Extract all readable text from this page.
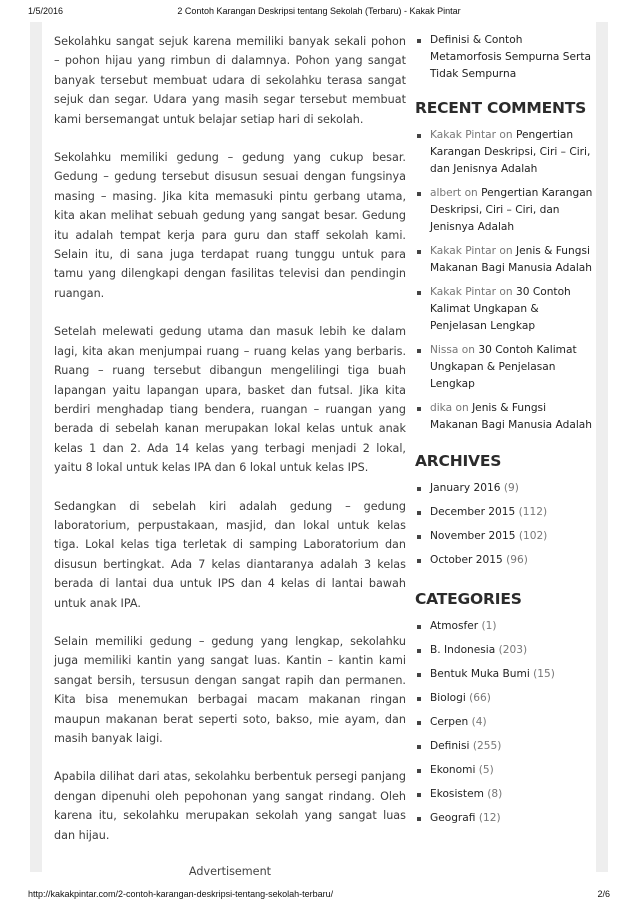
1/5/2016	2 Contoh Karangan Deskripsi tentang Sekolah (Terbaru) - Kakak Pintar

Sekolahku sangat sejuk karena memiliki banyak sekali pohon – pohon hijau yang rimbun di dalamnya. Pohon yang sangat banyak tersebut membuat udara di sekolahku terasa sangat sejuk dan segar. Udara yang masih segar tersebut membuat kami bersemangat untuk belajar setiap hari di sekolah.

Sekolahku memiliki gedung – gedung yang cukup besar. Gedung – gedung tersebut disusun sesuai dengan fungsinya masing – masing. Jika kita memasuki pintu gerbang utama, kita akan melihat sebuah gedung yang sangat besar. Gedung itu adalah tempat kerja para guru dan staff sekolah kami. Selain itu, di sana juga terdapat ruang tunggu untuk para tamu yang dilengkapi dengan fasilitas televisi dan pendingin ruangan.

Setelah melewati gedung utama dan masuk lebih ke dalam lagi, kita akan menjumpai ruang – ruang kelas yang berbaris. Ruang – ruang tersebut dibangun mengelilingi tiga buah lapangan yaitu lapangan upara, basket dan futsal. Jika kita berdiri menghadap tiang bendera, ruangan – ruangan yang berada di sebelah kanan merupakan lokal kelas untuk anak kelas 1 dan 2. Ada 14 kelas yang terbagi menjadi 2 lokal, yaitu 8 lokal untuk kelas IPA dan 6 lokal untuk kelas IPS.

Sedangkan di sebelah kiri adalah gedung – gedung laboratorium, perpustakaan, masjid, dan lokal untuk kelas tiga. Lokal kelas tiga terletak di samping Laboratorium dan disusun bertingkat. Ada 7 kelas diantaranya adalah 3 kelas berada di lantai dua untuk IPS dan 4 kelas di lantai bawah untuk anak IPA.

Selain memiliki gedung – gedung yang lengkap, sekolahku juga memiliki kantin yang sangat luas. Kantin – kantin kami sangat bersih, tersusun dengan sangat rapih dan permanen. Kita bisa menemukan berbagai macam makanan ringan maupun makanan berat seperti soto, bakso, mie ayam, dan masih banyak laigi.

Apabila dilihat dari atas, sekolahku berbentuk persegi panjang dengan dipenuhi oleh pepohonan yang sangat rindang. Oleh karena itu, sekolahku merupakan sekolah yang sangat luas dan hijau.

Advertisement
Definisi & Contoh Metamorfosis Sempurna Serta Tidak Sempurna
RECENT COMMENTS
Kakak Pintar on Pengertian Karangan Deskripsi, Ciri – Ciri, dan Jenisnya Adalah
albert on Pengertian Karangan Deskripsi, Ciri – Ciri, dan Jenisnya Adalah
Kakak Pintar on Jenis & Fungsi Makanan Bagi Manusia Adalah
Kakak Pintar on 30 Contoh Kalimat Ungkapan & Penjelasan Lengkap
Nissa on 30 Contoh Kalimat Ungkapan & Penjelasan Lengkap
dika on Jenis & Fungsi Makanan Bagi Manusia Adalah
ARCHIVES
January 2016 (9)
December 2015 (112)
November 2015 (102)
October 2015 (96)
CATEGORIES
Atmosfer (1)
B. Indonesia (203)
Bentuk Muka Bumi (15)
Biologi (66)
Cerpen (4)
Definisi (255)
Ekonomi (5)
Ekosistem (8)
Geografi (12)
http://kakakpintar.com/2-contoh-karangan-deskripsi-tentang-sekolah-terbaru/	2/6
